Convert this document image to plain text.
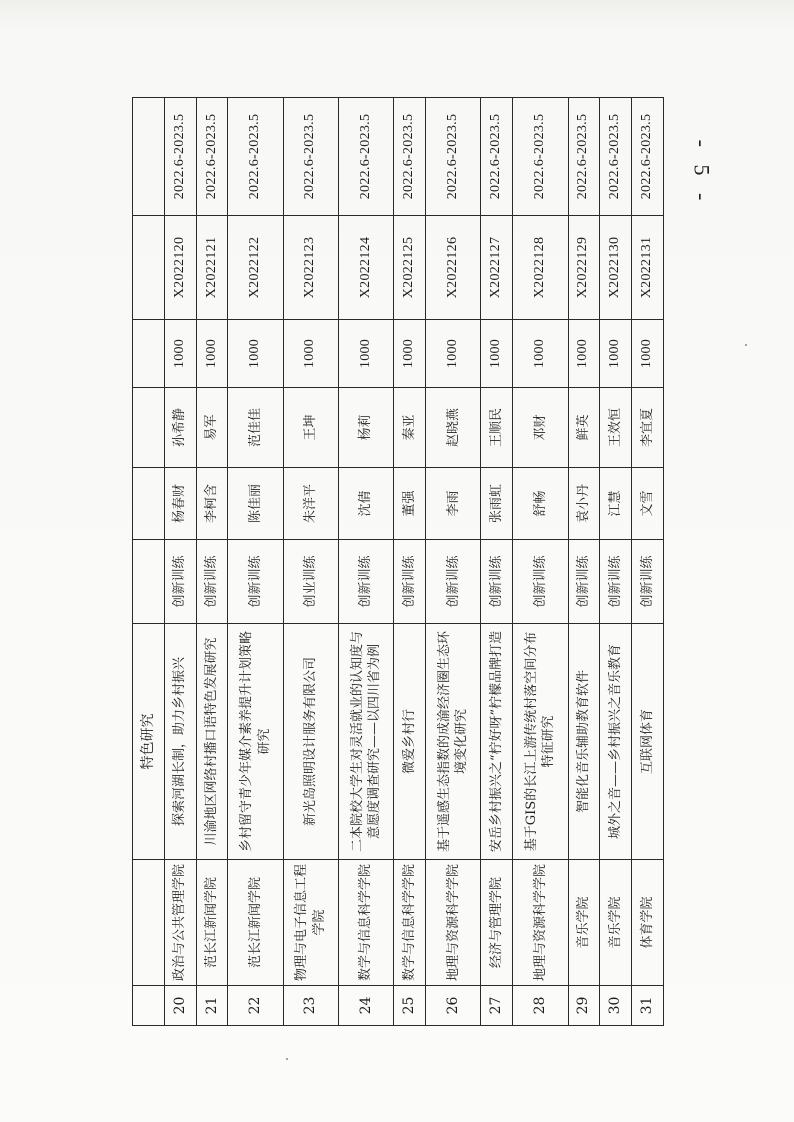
		特色研究						
20	政治与公共管理学院	探索河湖长制，助力乡村振兴	创新训练	杨春财	孙希静	1000	X2022120	2022.6-2023.5
21	范长江新闻学院	川渝地区网络村播口语特色发展研究	创新训练	李柯含	易军	1000	X2022121	2022.6-2023.5
22	范长江新闻学院	乡村留守青少年媒介素养提升计划策略研究	创新训练	陈佳丽	范佳佳	1000	X2022122	2022.6-2023.5
23	物理与电子信息工程学院	新光岛照明设计服务有限公司	创业训练	朱洋平	王坤	1000	X2022123	2022.6-2023.5
24	数学与信息科学学院	二本院校大学生对灵活就业的认知度与意愿度调查研究——以四川省为例	创新训练	沈倩	杨莉	1000	X2022124	2022.6-2023.5
25	数学与信息科学学院	微爱乡村行	创新训练	董强	秦亚	1000	X2022125	2022.6-2023.5
26	地理与资源科学学院	基于遥感生态指数的成渝经济圈生态环境变化研究	创新训练	李雨	赵晓燕	1000	X2022126	2022.6-2023.5
27	经济与管理学院	安岳乡村振兴之“柠好呀”柠檬品牌打造	创新训练	张雨虹	王顺民	1000	X2022127	2022.6-2023.5
28	地理与资源科学学院	基于GIS的长江上游传统村落空间分布特征研究	创新训练	舒畅	邓财	1000	X2022128	2022.6-2023.5
29	音乐学院	智能化音乐辅助教育软件	创新训练	袁小丹	鲜英	1000	X2022129	2022.6-2023.5
30	音乐学院	城外之音——乡村振兴之音乐教育	创新训练	江慧	王效恒	1000	X2022130	2022.6-2023.5
31	体育学院	互联网体育	创新训练	文雪	李宜夏	1000	X2022131	2022.6-2023.5 - 5 -
